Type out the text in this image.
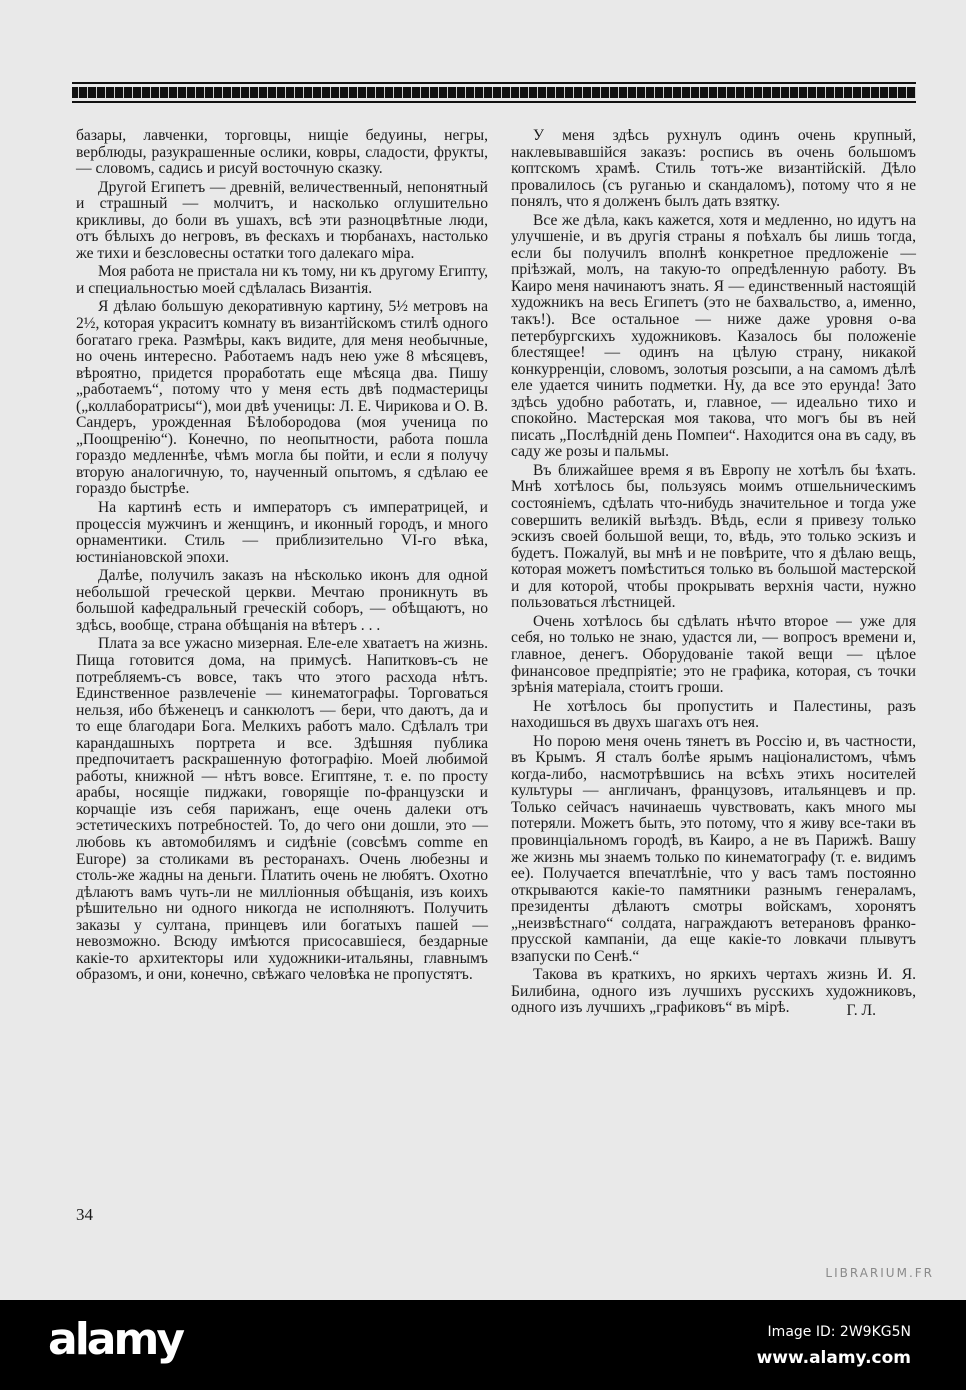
базары, лавченки, торговцы, нищіе бедуины, негры, верблюды, разукрашенные ослики, ковры, сладости, фрукты, — словомъ, садись и рисуй восточную сказку.

Другой Египетъ — древній, величественный, непонятный и страшный — молчитъ, и насколько оглушительно крикливы, до боли въ ушахъ, всѣ эти разноцвѣтные люди, отъ бѣлыхъ до негровъ, въ фескахъ и тюрбанахъ, настолько же тихи и безсловесны остатки того далекаго міра.

Моя работа не пристала ни къ тому, ни къ другому Египту, и специальностью моей сдѣлалась Византія.

Я дѣлаю большую декоративную картину, 5½ метровъ на 2½, которая украситъ комнату въ византійскомъ стилѣ одного богатаго грека. Размѣры, какъ видите, для меня необычные, но очень интересно. Работаемъ надъ нею уже 8 мѣсяцевъ, вѣроятно, придется проработать еще мѣсяца два. Пишу „работаемъ“, потому что у меня есть двѣ подмастерицы („коллаборатрисы“), мои двѣ ученицы: Л. Е. Чирикова и О. В. Сандеръ, урожденная Бѣлобородова (моя ученица по „Поощренію“). Конечно, по неопытности, работа пошла гораздо медленнѣе, чѣмъ могла бы пойти, и если я получу вторую аналогичную, то, наученный опытомъ, я сдѣлаю ее гораздо быстрѣе.

На картинѣ есть и императоръ съ императрицей, и процессія мужчинъ и женщинъ, и иконный городъ, и много орнаментики. Стиль — приблизительно VI-го вѣка, юстиніановской эпохи.

Далѣе, получилъ заказъ на нѣсколько иконъ для одной небольшой греческой церкви. Мечтаю проникнуть въ большой кафедральный греческій соборъ, — обѣщаютъ, но здѣсь, вообще, страна обѣщанія на вѣтеръ . . .

Плата за все ужасно мизерная. Еле-еле хватаетъ на жизнь. Пища готовится дома, на примусѣ. Напитковъ-съ не потребляемъ-съ вовсе, такъ что этого расхода нѣтъ. Единственное развлеченіе — кинематографы. Торговаться нельзя, ибо бѣженецъ и санкюлотъ — бери, что даютъ, да и то еще благодари Бога. Мелкихъ работъ мало. Сдѣлалъ три карандашныхъ портрета и все. Здѣшняя публика предпочитаетъ раскрашенную фотографію. Моей любимой работы, книжной — нѣтъ вовсе. Египтяне, т. е. по просту арабы, носящіе пиджаки, говорящіе по-французски и корчащіе изъ себя парижанъ, еще очень далеки отъ эстетическихъ потребностей. То, до чего они дошли, это — любовь къ автомобилямъ и сидѣніе (совсѣмъ comme en Europe) за столиками въ ресторанахъ. Очень любезны и столь-же жадны на деньги. Платить очень не любятъ. Охотно дѣлаютъ вамъ чуть-ли не милліонныя обѣщанія, изъ коихъ рѣшительно ни одного никогда не исполняютъ. Получить заказы у султана, принцевъ или богатыхъ пашей — невозможно. Всюду имѣются присосавшіеся, бездарные какіе-то архитекторы или художники-итальяны, главнымъ образомъ, и они, конечно, свѣжаго человѣка не пропустятъ.

У меня здѣсь рухнулъ одинъ очень крупный, наклевывавшійся заказъ: роспись въ очень большомъ коптскомъ храмѣ. Стиль тотъ-же византійскій. Дѣло провалилось (съ руганью и скандаломъ), потому что я не понялъ, что я долженъ былъ дать взятку.

Все же дѣла, какъ кажется, хотя и медленно, но идутъ на улучшеніе, и въ другія страны я поѣхалъ бы лишь тогда, если бы получилъ вполнѣ конкретное предложеніе — пріѣзжай, молъ, на такую-то опредѣленную работу. Въ Каиро меня начинаютъ знать. Я — единственный настоящій художникъ на весь Египетъ (это не бахвальство, а, именно, такъ!). Все остальное — ниже даже уровня о-ва петербургскихъ художниковъ. Казалось бы положеніе блестящее! — одинъ на цѣлую страну, никакой конкурренціи, словомъ, золотыя розсыпи, а на самомъ дѣлѣ еле удается чинить подметки. Ну, да все это ерунда! Зато здѣсь удобно работать, и, главное, — идеально тихо и спокойно. Мастерская моя такова, что могъ бы въ ней писать „Послѣдній день Помпеи“. Находится она въ саду, въ саду же розы и пальмы.

Въ ближайшее время я въ Европу не хотѣлъ бы ѣхать. Мнѣ хотѣлось бы, пользуясь моимъ отшельническимъ состояніемъ, сдѣлать что-нибудь значительное и тогда уже совершить великій выѣздъ. Вѣдь, если я привезу только эскизъ своей большой вещи, то, вѣдь, это только эскизъ и будетъ. Пожалуй, вы мнѣ и не повѣрите, что я дѣлаю вещь, которая можетъ помѣститься только въ большой мастерской и для которой, чтобы прокрывать верхнія части, нужно пользоваться лѣстницей.

Очень хотѣлось бы сдѣлать нѣчто второе — уже для себя, но только не знаю, удастся ли, — вопросъ времени и, главное, денегъ. Оборудованіе такой вещи — цѣлое финансовое предпріятіе; это не графика, которая, съ точки зрѣнія матеріала, стоитъ гроши.

Не хотѣлось бы пропустить и Палестины, разъ находишься въ двухъ шагахъ отъ нея.

Но порою меня очень тянетъ въ Россію и, въ частности, въ Крымъ. Я сталъ болѣе ярымъ націоналистомъ, чѣмъ когда-либо, насмотрѣвшись на всѣхъ этихъ носителей культуры — англичанъ, французовъ, итальянцевъ и пр. Только сейчасъ начинаешь чувствовать, какъ много мы потеряли. Можетъ быть, это потому, что я живу все-таки въ провинціальномъ городѣ, въ Каиро, а не въ Парижѣ. Вашу же жизнь мы знаемъ только по кинематографу (т. е. видимъ ее). Получается впечатлѣніе, что у васъ тамъ постоянно открываются какіе-то памятники разнымъ генераламъ, президенты дѣлаютъ смотры войскамъ, хоронятъ „неизвѣстнаго“ солдата, награждаютъ ветерановъ франко-прусской кампаніи, да еще какіе-то ловкачи плывутъ взапуски по Сенѣ.“

Такова въ краткихъ, но яркихъ чертахъ жизнь И. Я. Билибина, одного изъ лучшихъ русскихъ художниковъ, одного изъ лучшихъ „графиковъ“ въ мірѣ.	Г. Л.
34
LIBRARIUM.FR
alamy	Image ID: 2W9KG5N
www.alamy.com
